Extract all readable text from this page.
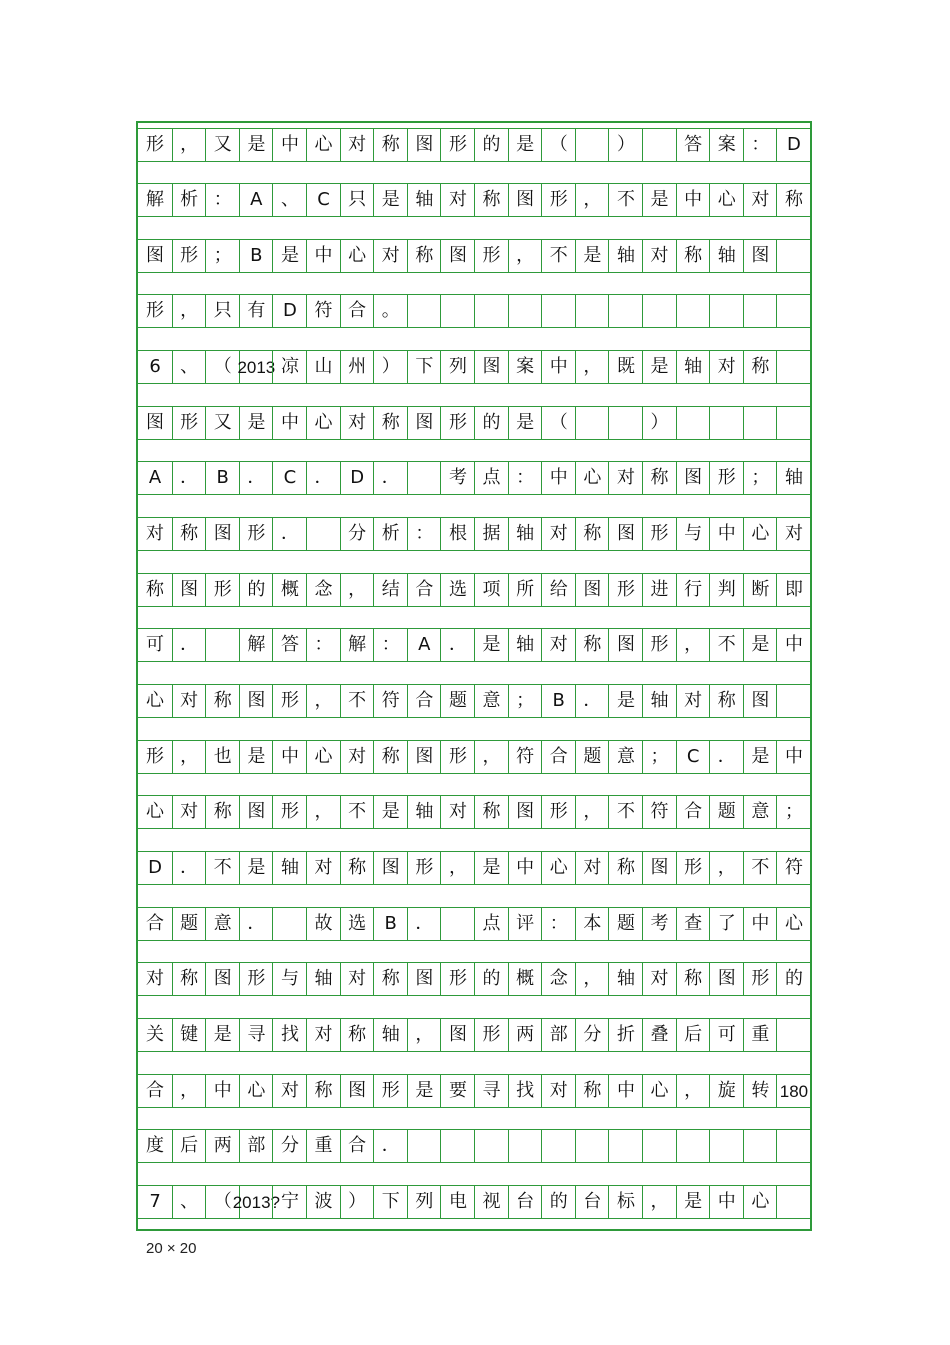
形 ， 又 是 中 心 对 称 图 形 的 是 （	）	答 案 ： D
解 析 ：	A	、	C	只 是 轴 对 称 图 形 ， 不 是 中 心 对 称
图 形 ；	B	是 中 心 对 称 图 形 ， 不 是 轴 对 称 轴 图
形 ， 只 有 D 符 合 。
6	、 （ 2013 凉 山 州 ） 下 列 图 案 中 ， 既 是 轴 对 称
图 形 又 是 中 心 对 称 图 形 的 是 （	）
A	．	B	．	C	． D ．	考 点 ： 中 心 对 称 图 形 ； 轴
对 称 图 形 ．	分 析 ： 根 据 轴 对 称 图 形 与 中 心 对
称 图 形 的 概 念 ， 结 合 选 项 所 给 图 形 进 行 判 断 即
可 ．	解 答 ： 解 ：	A	． 是 轴 对 称 图 形 ， 不 是 中
心 对 称 图 形 ， 不 符 合 题 意 ；	B	． 是 轴 对 称 图
形 ， 也 是 中 心 对 称 图 形 ， 符 合 题 意 ；	C	． 是 中
心 对 称 图 形 ， 不 是 轴 对 称 图 形 ， 不 符 合 题 意 ；
D	． 不 是 轴 对 称 图 形 ， 是 中 心 对 称 图 形 ， 不 符
合 题 意 ．	故 选	B	．	点 评 ： 本 题 考 查 了 中 心
对 称 图 形 与 轴 对 称 图 形 的 概 念 ， 轴 对 称 图 形 的
关 键 是 寻 找 对 称 轴 ， 图 形 两 部 分 折 叠 后 可 重
合 ， 中 心 对 称 图 形 是 要 寻 找 对 称 中 心 ， 旋 转 180
度 后 两 部 分 重 合 ．
7	、 （ 2013? 宁 波 ） 下 列 电 视 台 的 台 标 ， 是 中 心
20 × 20
